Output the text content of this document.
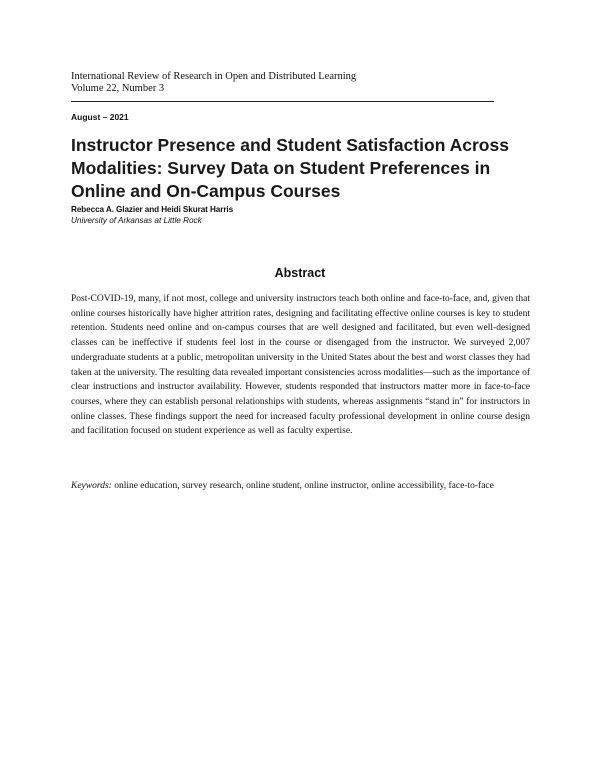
International Review of Research in Open and Distributed Learning
Volume 22, Number 3
August – 2021
Instructor Presence and Student Satisfaction Across Modalities: Survey Data on Student Preferences in Online and On-Campus Courses
Rebecca A. Glazier and Heidi Skurat Harris
University of Arkansas at Little Rock
Abstract

Post-COVID-19, many, if not most, college and university instructors teach both online and face-to-face, and, given that online courses historically have higher attrition rates, designing and facilitating effective online courses is key to student retention. Students need online and on-campus courses that are well designed and facilitated, but even well-designed classes can be ineffective if students feel lost in the course or disengaged from the instructor. We surveyed 2,007 undergraduate students at a public, metropolitan university in the United States about the best and worst classes they had taken at the university. The resulting data revealed important consistencies across modalities—such as the importance of clear instructions and instructor availability. However, students responded that instructors matter more in face-to-face courses, where they can establish personal relationships with students, whereas assignments “stand in” for instructors in online classes. These findings support the need for increased faculty professional development in online course design and facilitation focused on student experience as well as faculty expertise.

Keywords: online education, survey research, online student, online instructor, online accessibility, face-to-face
